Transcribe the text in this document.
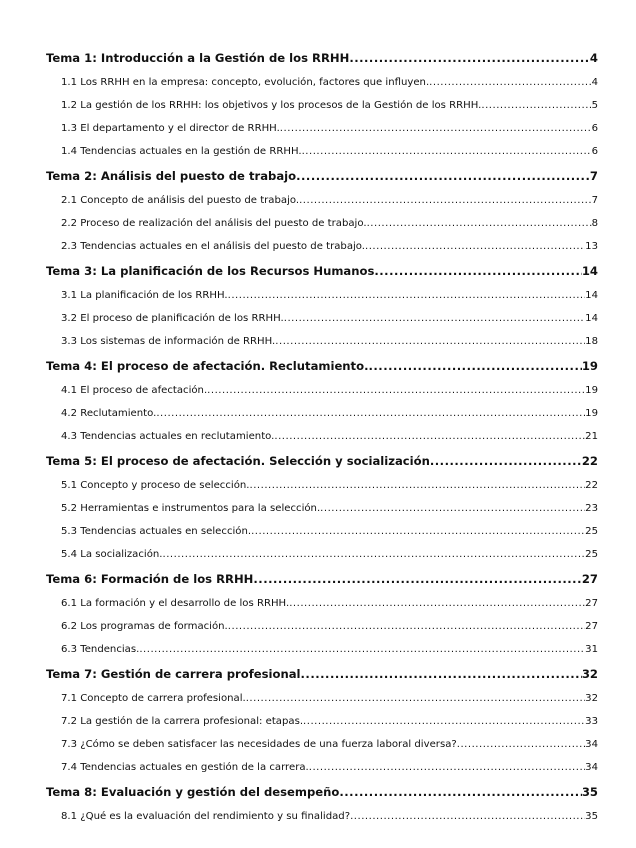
Tema 1: Introducción a la Gestión de los RRHH .....	4
1.1 Los RRHH en la empresa: concepto, evolución, factores que influyen. .....	4
1.2 La gestión de los RRHH: los objetivos y los procesos de la Gestión de los RRHH. .....	5
1.3 El departamento y el director de RRHH. .....	6
1.4 Tendencias actuales en la gestión de RRHH. .....	6
Tema 2: Análisis del puesto de trabajo .....	7
2.1 Concepto de análisis del puesto de trabajo. .....	7
2.2 Proceso de realización del análisis del puesto de trabajo. .....	8
2.3 Tendencias actuales en el análisis del puesto de trabajo. .....	13
Tema 3: La planificación de los Recursos Humanos .....	14
3.1 La planificación de los RRHH. .....	14
3.2 El proceso de planificación de los RRHH. .....	14
3.3 Los sistemas de información de RRHH. .....	18
Tema 4: El proceso de afectación. Reclutamiento. .....	19
4.1 El proceso de afectación. .....	19
4.2 Reclutamiento. .....	19
4.3 Tendencias actuales en reclutamiento. .....	21
Tema 5: El proceso de afectación. Selección y socialización .....	22
5.1 Concepto y proceso de selección. .....	22
5.2 Herramientas e instrumentos para la selección. .....	23
5.3 Tendencias actuales en selección. .....	25
5.4 La socialización. .....	25
Tema 6: Formación de los RRHH .....	27
6.1 La formación y el desarrollo de los RRHH. .....	27
6.2 Los programas de formación. .....	27
6.3 Tendencias. .....	31
Tema 7: Gestión de carrera profesional .....	32
7.1 Concepto de carrera profesional. .....	32
7.2 La gestión de la carrera profesional: etapas. .....	33
7.3 ¿Cómo se deben satisfacer las necesidades de una fuerza laboral diversa? .....	34
7.4 Tendencias actuales en gestión de la carrera. .....	34
Tema 8: Evaluación y gestión del desempeño .....	35
8.1 ¿Qué es la evaluación del rendimiento y su finalidad? .....	35
